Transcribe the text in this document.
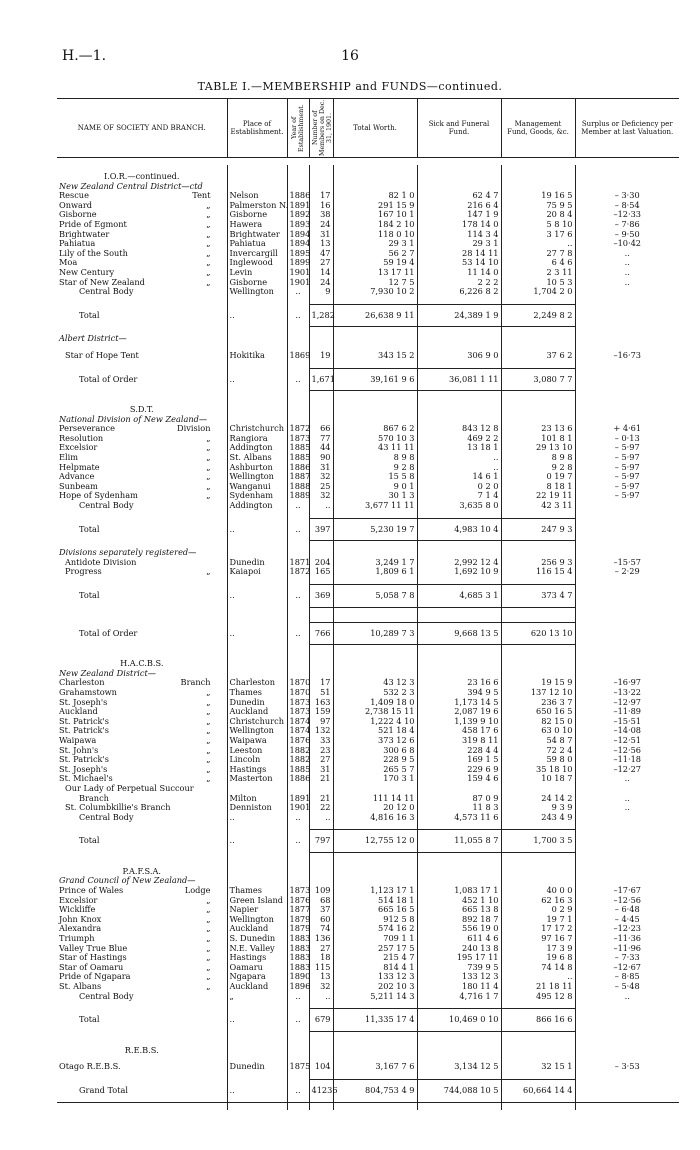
H.—1.	16
TABLE I.—MEMBERSHIP and FUNDS—continued.
NAME OF SOCIETY AND BRANCH.	Place of Establishment.	Year of Establishment.	Number of Members on Dec. 31, 1901.	Total Worth.	Sick and Funeral Fund.	Management Fund, Goods, &c.	Surplus or Deficiency per Member at last Valuation.

I.O.R.—continued.							
New Zealand Central District—ctd							
Rescue Tent	Nelson	1886	17	82 1 0	62 4 7	19 16 5	– 3·30
Onward „	Palmerston N.	1891	16	291 15 9	216 6 4	75 9 5	– 8·54
Gisborne „	Gisborne	1892	38	167 10 1	147 1 9	20 8 4	–12·33
Pride of Egmont „	Hawera	1893	24	184 2 10	178 14 0	5 8 10	– 7·86
Brightwater „	Brightwater	1894	31	118 0 10	114 3 4	3 17 6	– 9·50
Pahiatua „	Pahiatua	1894	13	29 3 1	29 3 1	..	–10·42
Lily of the South „	Invercargill	1895	47	56 2 7	28 14 11	27 7 8	..
Moa „	Inglewood	1899	27	59 19 4	53 14 10	6 4 6	..
New Century „	Levin	1901	14	13 17 11	11 14 0	2 3 11	..
Star of New Zealand „	Gisborne	1901	24	12 7 5	2 2 2	10 5 3	..
Central Body	Wellington	..	9	7,930 10 2	6,226 8 2	1,704 2 0	

Total	..	..	1,282	26,638 9 11	24,389 1 9	2,249 8 2	

Albert District—							

Star of Hope Tent	Hokitika	1869	19	343 15 2	306 9 0	37 6 2	–16·73

Total of Order	..	..	1,671	39,161 9 6	36,081 1 11	3,080 7 7	

S.D.T.							
National Division of New Zealand—							
Perseverance Division	Christchurch	1872	66	867 6 2	843 12 8	23 13 6	+ 4·61
Resolution „	Rangiora	1873	77	570 10 3	469 2 2	101 8 1	– 0·13
Excelsior „	Addington	1885	44	43 11 11	13 18 1	29 13 10	– 5·97
Elim „	St. Albans	1885	90	8 9 8	..	8 9 8	– 5·97
Helpmate „	Ashburton	1886	31	9 2 8	..	9 2 8	– 5·97
Advance „	Wellington	1887	32	15 5 8	14 6 1	0 19 7	– 5·97
Sunbeam „	Wanganui	1888	25	9 0 1	0 2 0	8 18 1	– 5·97
Hope of Sydenham „	Sydenham	1889	32	30 1 3	7 1 4	22 19 11	– 5·97
Central Body	Addington	..	..	3,677 11 11	3,635 8 0	42 3 11	

Total	..	..	397	5,230 19 7	4,983 10 4	247 9 3	

Divisions separately registered—							
Antidote Division	Dunedin	1871	204	3,249 1 7	2,992 12 4	256 9 3	–15·57
Progress „	Kaiapoi	1872	165	1,809 6 1	1,692 10 9	116 15 4	– 2·29

Total	..	..	369	5,058 7 8	4,685 3 1	373 4 7	

Total of Order	..	..	766	10,289 7 3	9,668 13 5	620 13 10	

H.A.C.B.S.							
New Zealand District—							
Charleston Branch	Charleston	1870	17	43 12 3	23 16 6	19 15 9	–16·97
Grahamstown „	Thames	1870	51	532 2 3	394 9 5	137 12 10	–13·22
St. Joseph's „	Dunedin	1873	163	1,409 18 0	1,173 14 5	236 3 7	–12·97
Auckland „	Auckland	1873	159	2,738 15 11	2,087 19 6	650 16 5	–11·89
St. Patrick's „	Christchurch	1874	97	1,222 4 10	1,139 9 10	82 15 0	–15·51
St. Patrick's „	Wellington	1874	132	521 18 4	458 17 6	63 0 10	–14·08
Waipawa „	Waipawa	1876	33	373 12 6	319 8 11	54 8 7	–12·51
St. John's „	Leeston	1882	23	300 6 8	228 4 4	72 2 4	–12·56
St. Patrick's „	Lincoln	1882	27	228 9 5	169 1 5	59 8 0	–11·18
St. Joseph's „	Hastings	1885	31	265 5 7	229 6 9	35 18 10	–12·27
St. Michael's „	Masterton	1886	21	170 3 1	159 4 6	10 18 7	..
Our Lady of Perpetual Succour							
Branch	Milton	1891	21	111 14 11	87 0 9	24 14 2	..
St. Columbkillie's Branch	Denniston	1901	22	20 12 0	11 8 3	9 3 9	..
Central Body	..	..	..	4,816 16 3	4,573 11 6	243 4 9	

Total	..	..	797	12,755 12 0	11,055 8 7	1,700 3 5	

P.A.F.S.A.							
Grand Council of New Zealand—							
Prince of Wales Lodge	Thames	1873	109	1,123 17 1	1,083 17 1	40 0 0	–17·67
Excelsior „	Green Island	1876	68	514 18 1	452 1 10	62 16 3	–12·56
Wickliffe „	Napier	1877	37	665 16 5	665 13 8	0 2 9	– 6·48
John Knox „	Wellington	1879	60	912 5 8	892 18 7	19 7 1	– 4·45
Alexandra „	Auckland	1879	74	574 16 2	556 19 0	17 17 2	–12·23
Triumph „	S. Dunedin	1883	136	709 1 1	611 4 6	97 16 7	–11·36
Valley True Blue „	N.E. Valley	1883	27	257 17 5	240 13 8	17 3 9	–11·96
Star of Hastings „	Hastings	1883	18	215 4 7	195 17 11	19 6 8	– 7·33
Star of Oamaru „	Oamaru	1883	115	814 4 1	739 9 5	74 14 8	–12·67
Pride of Ngapara „	Ngapara	1890	13	133 12 3	133 12 3	..	– 8·85
St. Albans „	Auckland	1896	32	202 10 3	180 11 4	21 18 11	– 5·48
Central Body	„	..	..	5,211 14 3	4,716 1 7	495 12 8	..

Total	..	..	679	11,335 17 4	10,469 0 10	866 16 6	

R.E.B.S.							

Otago R.E.B.S.	Dunedin	1875	104	3,167 7 6	3,134 12 5	32 15 1	– 3·53

Grand Total	..	..	41236	804,753 4 9	744,088 10 5	60,664 14 4	
